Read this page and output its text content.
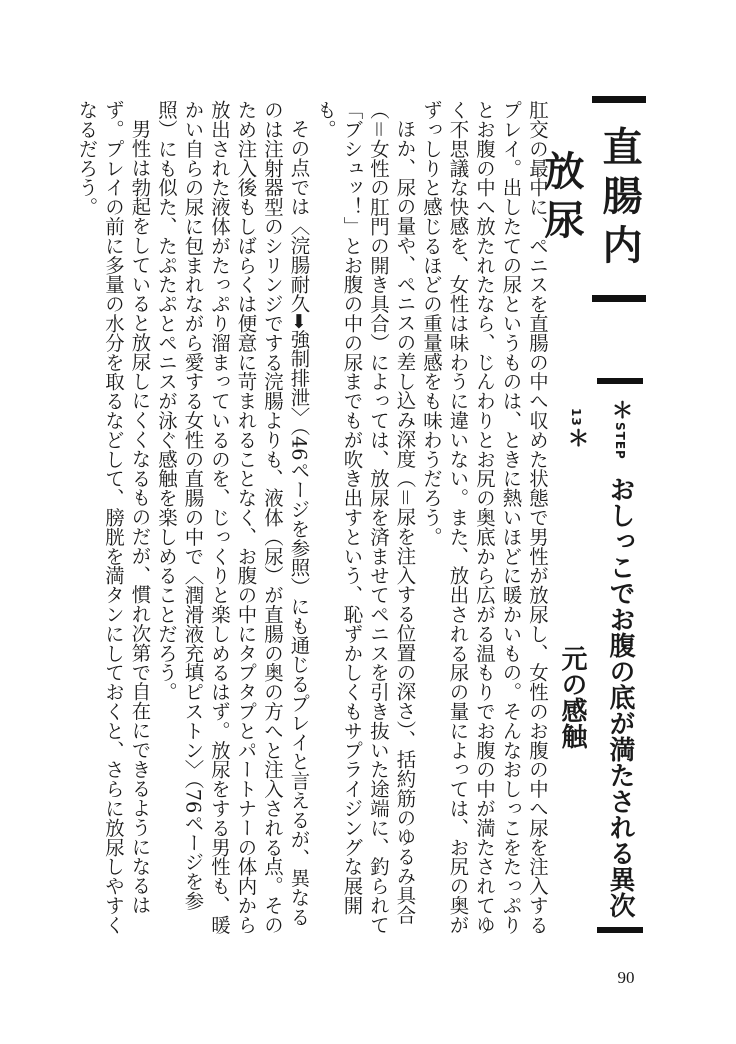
直腸内放尿
＊STEP 13＊
おしっこでお腹の底が満たされる異次元の感触

肛交の最中に、ペニスを直腸の中へ収めた状態で男性が放尿し、女性のお腹の中へ尿を注入するプレイ。出したての尿というものは、ときに熱いほどに暖かいもの。そんなおしっこをたっぷりとお腹の中へ放たれたなら、じんわりとお尻の奥底から広がる温もりでお腹の中が満たされてゆく不思議な快感を、女性は味わうに違いない。また、放出される尿の量によっては、お尻の奥がずっしりと感じるほどの重量感をも味わうだろう。

ほか、尿の量や、ペニスの差し込み深度（＝尿を注入する位置の深さ）、括約筋のゆるみ具合（＝女性の肛門の開き具合）によっては、放尿を済ませてペニスを引き抜いた途端に、釣られて「ブシュッ！」とお腹の中の尿までもが吹き出すという、恥ずかしくもサプライジングな展開も。

その点では〈浣腸耐久➡強制排泄〉（46ページを参照）にも通じるプレイと言えるが、異なるのは注射器型のシリンジでする浣腸よりも、液体（尿）が直腸の奥の方へと注入される点。そのため注入後もしばらくは便意に苛まれることなく、お腹の中にタプタプとパートナーの体内から放出された液体がたっぷり溜まっているのを、じっくりと楽しめるはず。放尿をする男性も、暖かい自らの尿に包まれながら愛する女性の直腸の中で〈潤滑液充填ピストン〉（76ページを参照）にも似た、たぷたぷとペニスが泳ぐ感触を楽しめることだろう。

男性は勃起をしていると放尿しにくくなるものだが、慣れ次第で自在にできるようになるはず。プレイの前に多量の水分を取るなどして、膀胱を満タンにしておくと、さらに放尿しやすくなるだろう。

90
